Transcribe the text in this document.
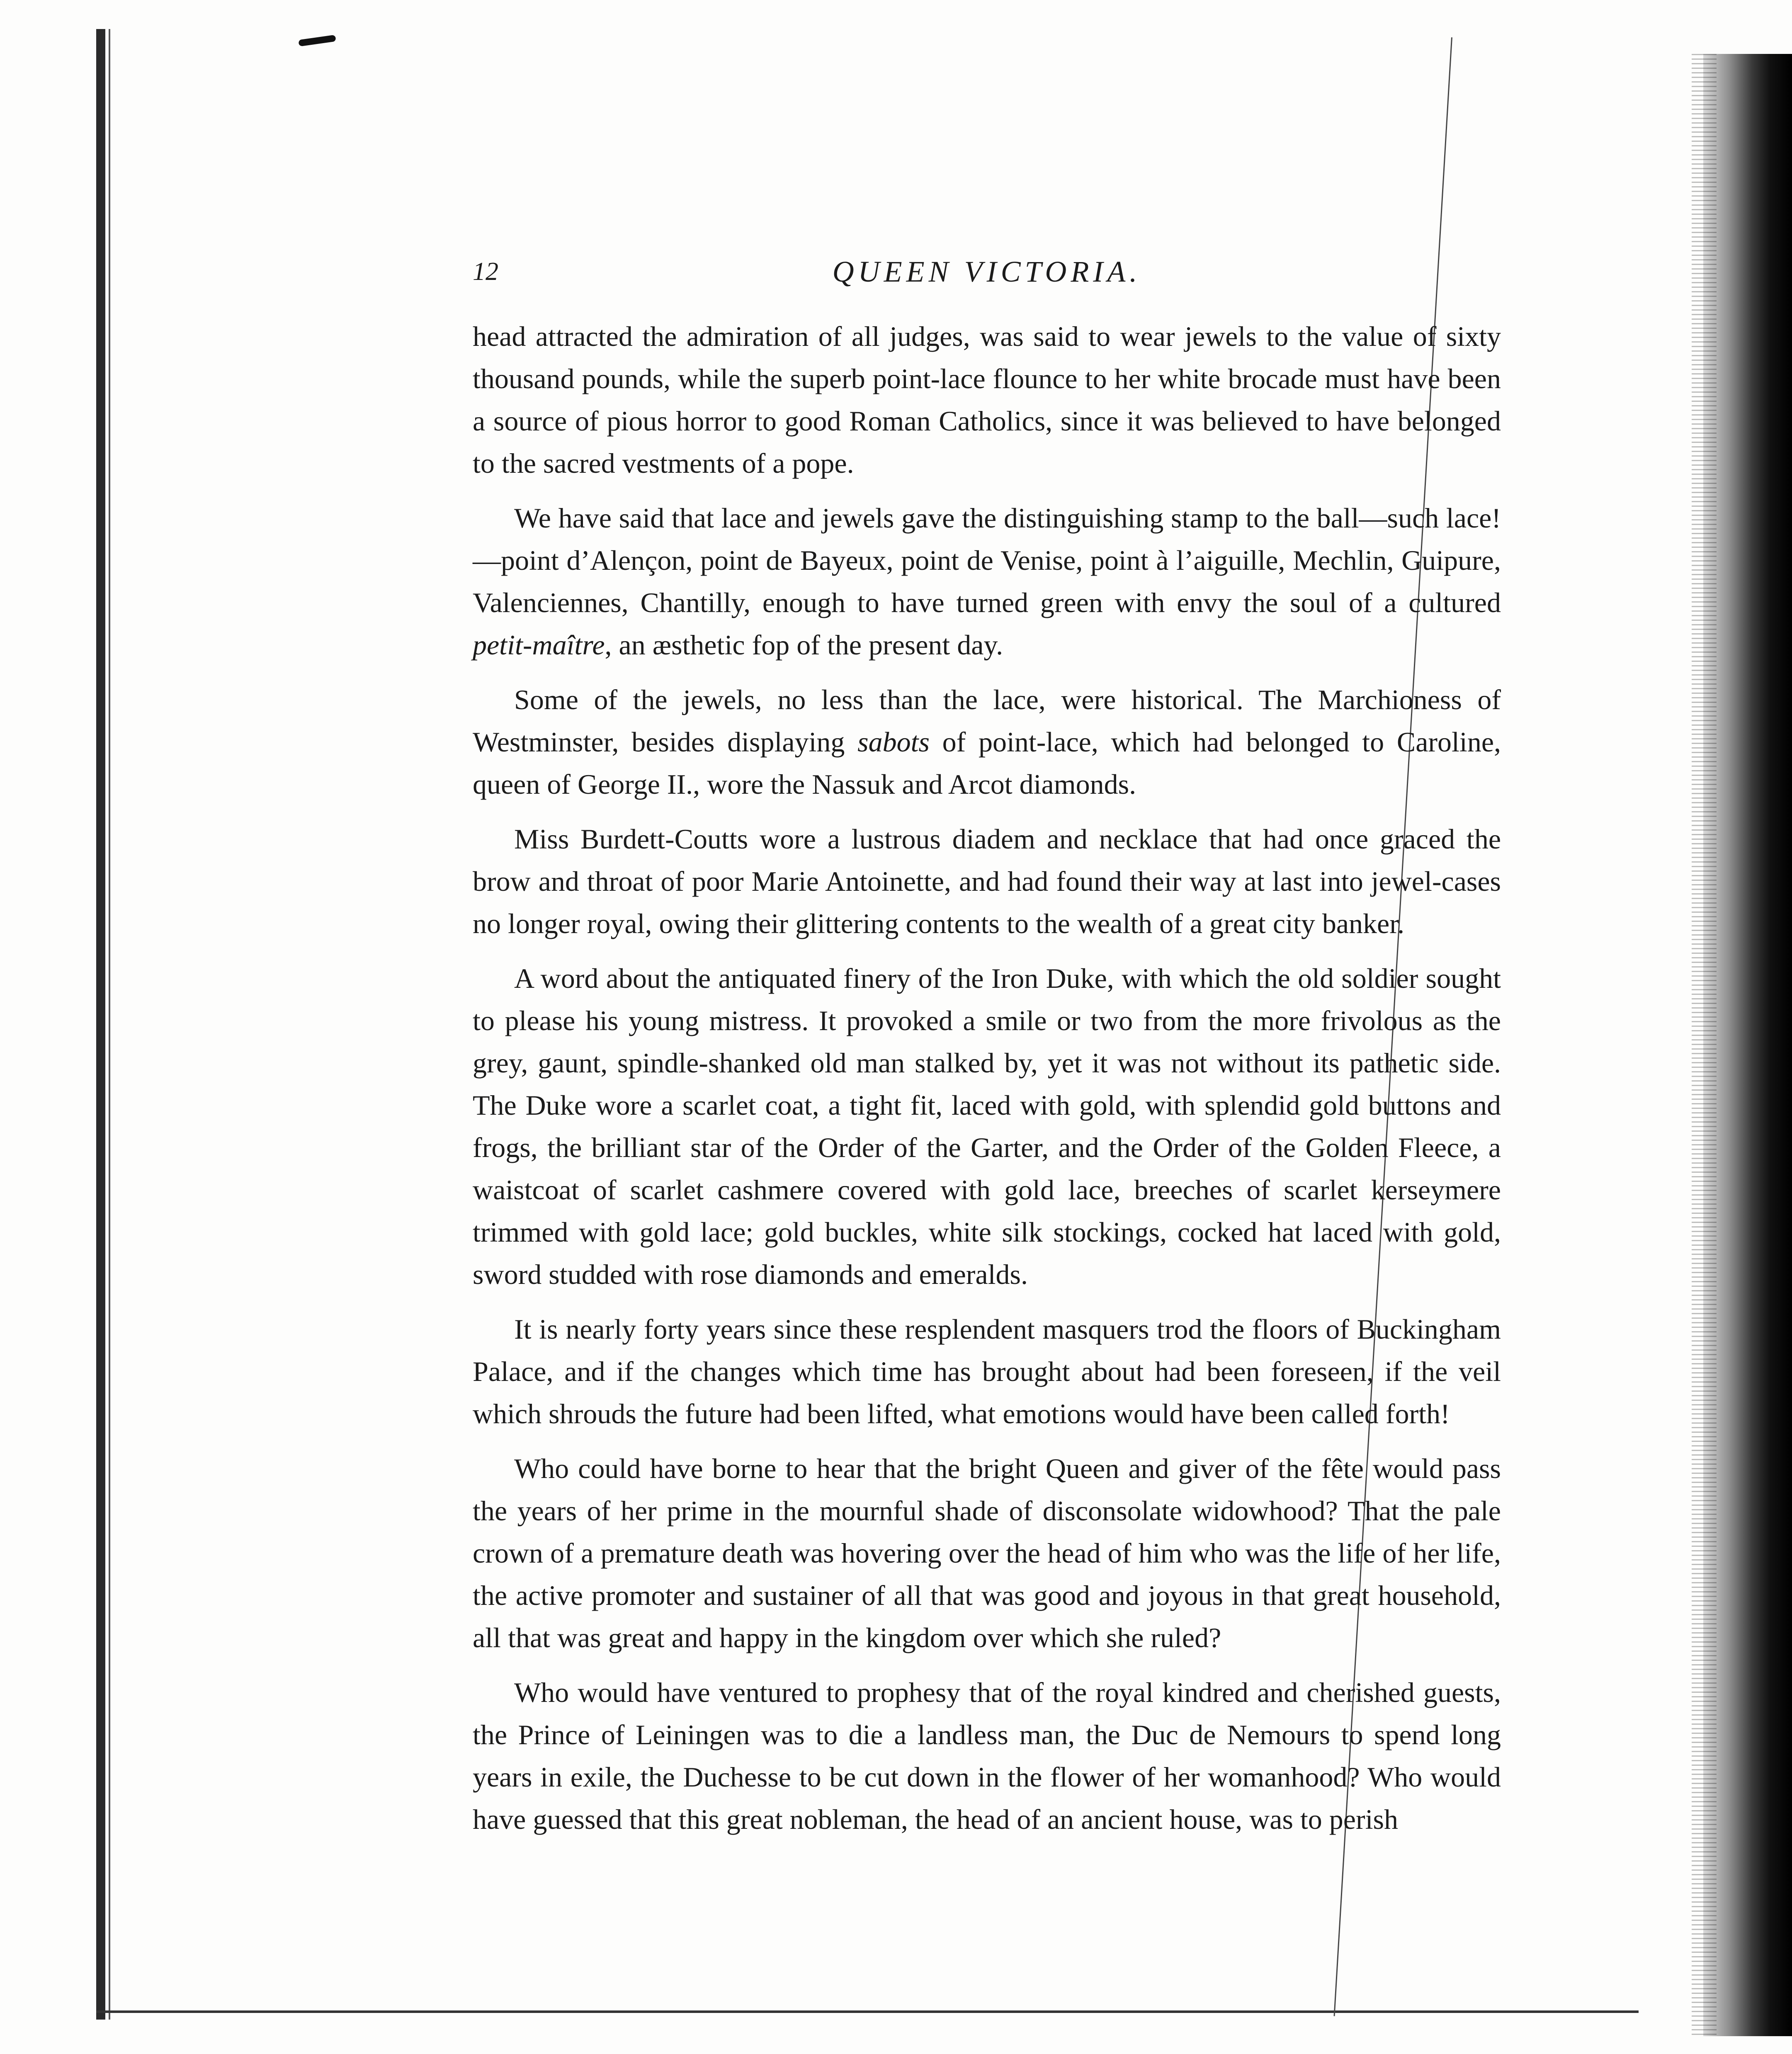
12	QUEEN VICTORIA.

head attracted the admiration of all judges, was said to wear jewels to the value of sixty thousand pounds, while the superb point-lace flounce to her white brocade must have been a source of pious horror to good Roman Catholics, since it was believed to have belonged to the sacred vestments of a pope.

We have said that lace and jewels gave the distinguishing stamp to the ball—such lace!—point d’Alençon, point de Bayeux, point de Venise, point à l’aiguille, Mechlin, Guipure, Valenciennes, Chantilly, enough to have turned green with envy the soul of a cultured petit-maître, an æsthetic fop of the present day.

Some of the jewels, no less than the lace, were historical. The Marchioness of Westminster, besides displaying sabots of point-lace, which had belonged to Caroline, queen of George II., wore the Nassuk and Arcot diamonds.

Miss Burdett-Coutts wore a lustrous diadem and necklace that had once graced the brow and throat of poor Marie Antoinette, and had found their way at last into jewel-cases no longer royal, owing their glittering contents to the wealth of a great city banker.

A word about the antiquated finery of the Iron Duke, with which the old soldier sought to please his young mistress. It provoked a smile or two from the more frivolous as the grey, gaunt, spindle-shanked old man stalked by, yet it was not without its pathetic side. The Duke wore a scarlet coat, a tight fit, laced with gold, with splendid gold buttons and frogs, the brilliant star of the Order of the Garter, and the Order of the Golden Fleece, a waistcoat of scarlet cashmere covered with gold lace, breeches of scarlet kerseymere trimmed with gold lace; gold buckles, white silk stockings, cocked hat laced with gold, sword studded with rose diamonds and emeralds.

It is nearly forty years since these resplendent masquers trod the floors of Buckingham Palace, and if the changes which time has brought about had been foreseen, if the veil which shrouds the future had been lifted, what emotions would have been called forth!

Who could have borne to hear that the bright Queen and giver of the fête would pass the years of her prime in the mournful shade of disconsolate widowhood? That the pale crown of a premature death was hovering over the head of him who was the life of her life, the active promoter and sustainer of all that was good and joyous in that great household, all that was great and happy in the kingdom over which she ruled?

Who would have ventured to prophesy that of the royal kindred and cherished guests, the Prince of Leiningen was to die a landless man, the Duc de Nemours to spend long years in exile, the Duchesse to be cut down in the flower of her womanhood? Who would have guessed that this great nobleman, the head of an ancient house, was to perish
